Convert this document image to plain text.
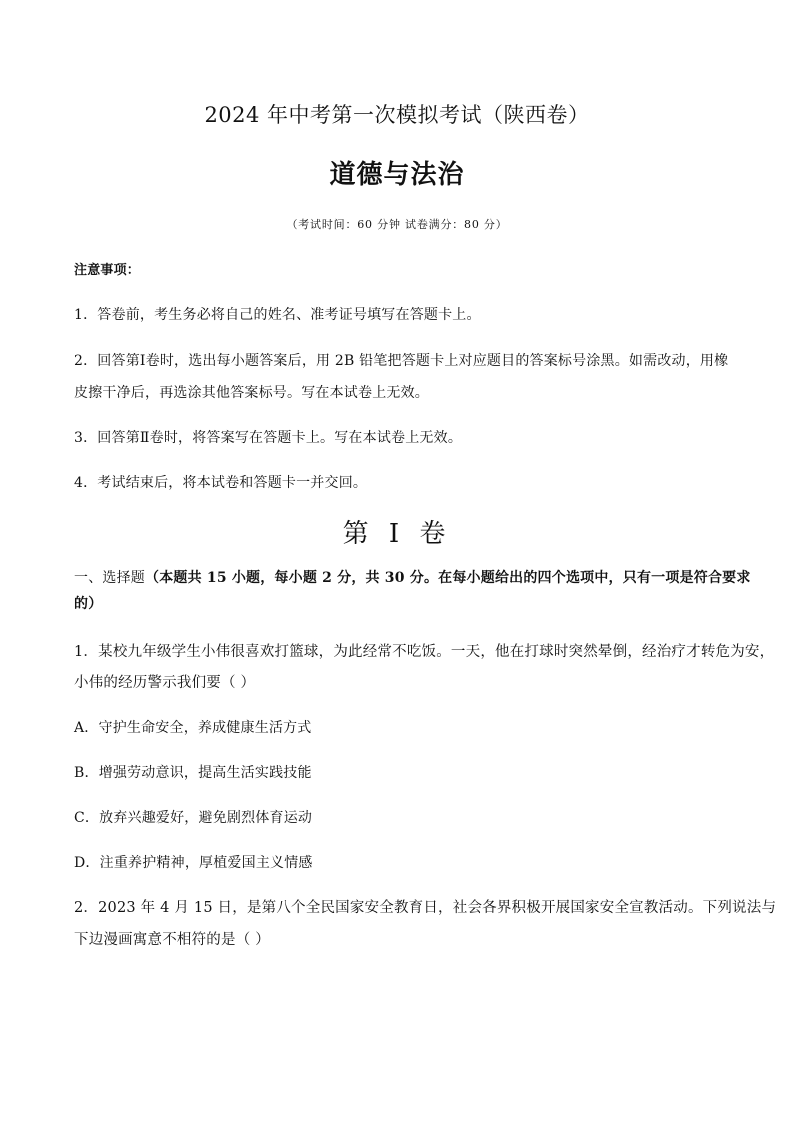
2024 年中考第一次模拟考试（陕西卷）
道德与法治
（考试时间：60 分钟 试卷满分：80 分）
注意事项：
1．答卷前，考生务必将自己的姓名、准考证号填写在答题卡上。
2．回答第Ⅰ卷时，选出每小题答案后，用 2B 铅笔把答题卡上对应题目的答案标号涂黑。如需改动，用橡
皮擦干净后，再选涂其他答案标号。写在本试卷上无效。
3．回答第Ⅱ卷时，将答案写在答题卡上。写在本试卷上无效。
4．考试结束后，将本试卷和答题卡一并交回。
第 I 卷
一、选择题（本题共 15 小题，每小题 2 分，共 30 分。在每小题给出的四个选项中，只有一项是符合要求
的）
1．某校九年级学生小伟很喜欢打篮球，为此经常不吃饭。一天，他在打球时突然晕倒，经治疗才转危为安，
小伟的经历警示我们要（ ）
A．守护生命安全，养成健康生活方式
B．增强劳动意识，提高生活实践技能
C．放弃兴趣爱好，避免剧烈体育运动
D．注重养护精神，厚植爱国主义情感
2．2023 年 4 月 15 日，是第八个全民国家安全教育日，社会各界积极开展国家安全宣教活动。下列说法与
下边漫画寓意不相符的是（ ）
